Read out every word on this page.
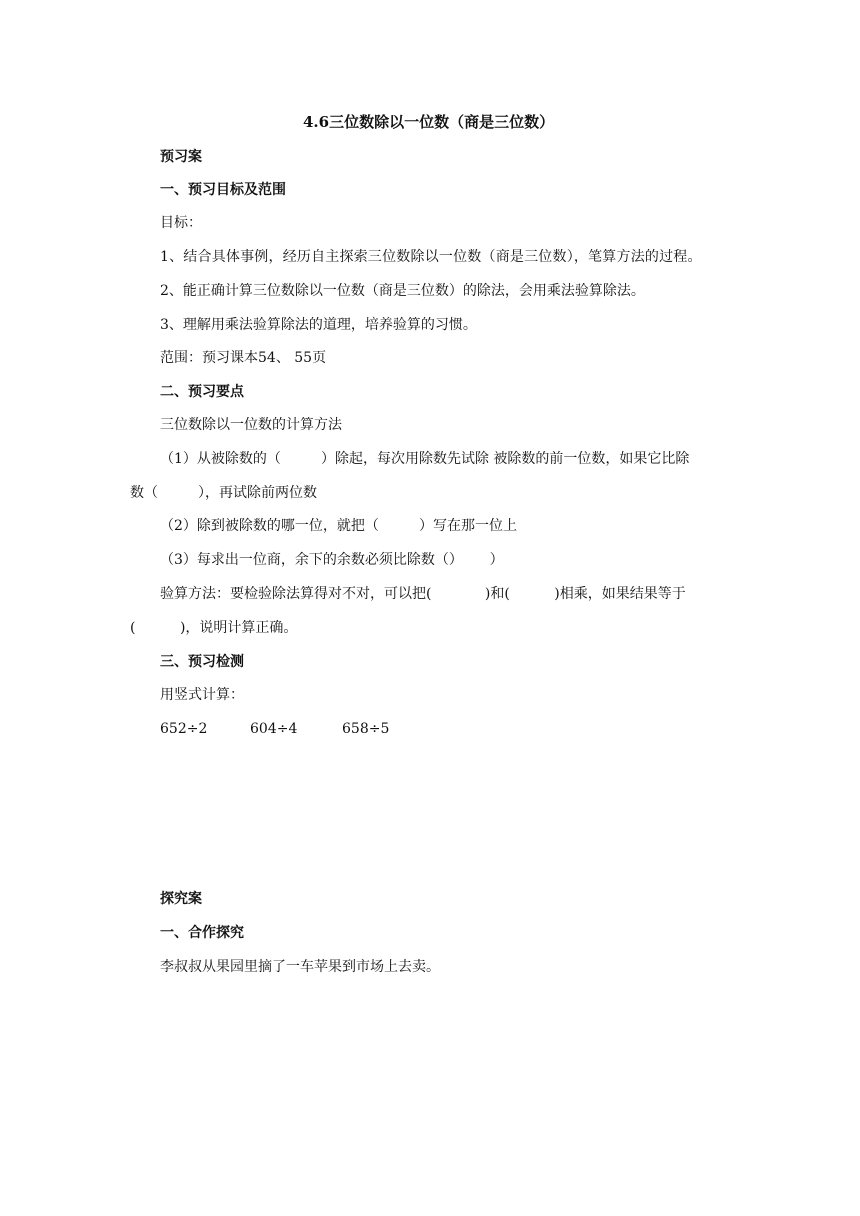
4.6三位数除以一位数（商是三位数）
预习案
一、预习目标及范围
目标：
1、结合具体事例，经历自主探索三位数除以一位数（商是三位数），笔算方法的过程。
2、能正确计算三位数除以一位数（商是三位数）的除法，会用乘法验算除法。
3、理解用乘法验算除法的道理，培养验算的习惯。
范围：预习课本54、 55页
二、预习要点
三位数除以一位数的计算方法
（1）从被除数的（         ）除起，每次用除数先试除 被除数的前一位数，如果它比除
数（         ），再试除前两位数
（2）除到被除数的哪一位，就把（         ）写在那一位上
（3）每求出一位商，余下的余数必须比除数（）      ）
验算方法：要检验除法算得对不对，可以把(            )和(          )相乘，如果结果等于
(          )，说明计算正确。
三、预习检测
用竖式计算：
652÷2	604÷4	658÷5
探究案
一、合作探究
李叔叔从果园里摘了一车苹果到市场上去卖。
